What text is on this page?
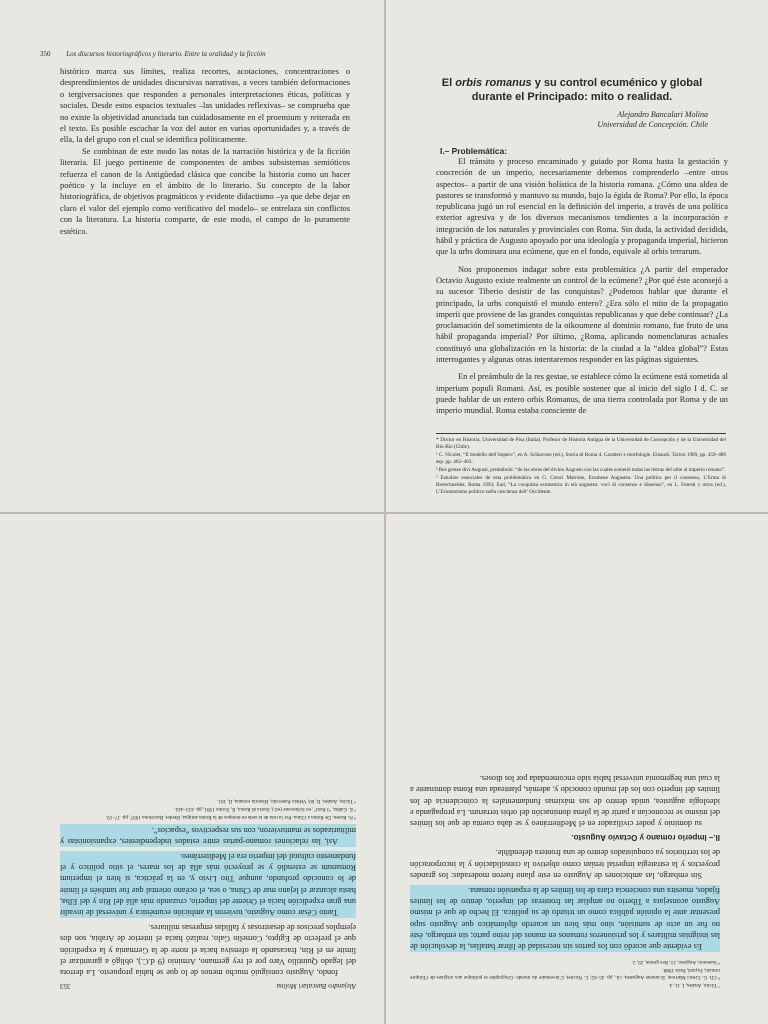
350 Los discursos historiográficos y literario. Entre la oralidad y la ficción

histórico marca sus límites, realiza recortes, acotaciones, concentraciones o desprendimientos de unidades discursivas narrativas, a veces también deformaciones o tergiversaciones que responden a personales interpretaciones éticas, políticas y sociales. Desde estos espacios textuales –las unidades reflexivas– se comprueba que no existe la objetividad anunciada tan cuidadosamente en el proemium y reiterada en el texto. Es posible escuchar la voz del autor en varias oportunidades y, a través de ella, la del grupo con el cual se identifica políticamente.

Se combinan de este modo las notas de la narración histórica y de la ficción literaria. El juego pertinente de componentes de ambos subsistemas semióticos refuerza el canon de la Antigüedad clásica que concibe la historia como un hacer poético y la incluye en el ámbito de lo literario. Su concepto de la labor historiográfica, de objetivos pragmáticos y evidente didactismo –ya que debe dejar en claro el valor del ejemplo como verificativo del modelo– se entrelaza sin conflictos con la literatura. La historia comparte, de este modo, el campo de lo puramente estético.

El orbis romanus y su control ecuménico y global durante el Principado: mito o realidad.
Alejandro Bancalari Molina
Universidad de Concepción. Chile
I.– Problemática:

El tránsito y proceso encaminado y guiado por Roma hasta la gestación y concreción de un imperio, necesariamente debemos comprenderlo –entre otros aspectos– a partir de una visión holística de la historia romana. ¿Cómo una aldea de pastores se transformó y mantuvo su mundo, bajo la égida de Roma? Por ello, la época republicana jugó un rol esencial en la definición del imperio, a través de una política exterior agresiva y de los diversos mecanismos tendientes a la incorporación e integración de los naturales y provinciales con Roma. Sin duda, la actividad decidida, hábil y práctica de Augusto apoyado por una ideología y propaganda imperial, hicieron que la urbs dominara una ecúmene, que en el fondo, equivale al orbis terrarum.

Nos proponemos indagar sobre esta problemática ¿A partir del emperador Octavio Augusto existe realmente un control de la ecúmene? ¿Por qué éste aconsejó a su sucesor Tiberio desistir de las conquistas? ¿Podemos hablar que durante el principado, la urbs conquistó el mundo entero? ¿Era sólo el mito de la propagatio imperii que proviene de las grandes conquistas republicanas y que debe continuar? ¿La proclamación del sometimiento de la oikoumene al dominio romano, fue fruto de una hábil propaganda imperial? Por último, ¿Roma, aplicando nomenclaturas actuales constituyó una globalización en la historia: de la ciudad a la “aldea global”? Estas interrogantes y algunas otras intentaremos responder en las páginas siguientes.

En el preámbulo de la res gestae, se establece cómo la ecúmene está sometida al imperium populi Romani. Así, es posible sostener que al inicio del siglo I d. C. se puede hablar de un entero orbis Romanus, de una tierra controlada por Roma y de un imperio mundial. Roma estaba consciente de

* Doctor en Historia, Universidad de Pisa (Italia). Profesor de Historia Antigua de la Universidad de Concepción y de la Universidad del Bío-Bío (Chile).

¹ C. Nicolet, “Il modello dell’impero”, en A. Schiavone (ed.), Storia di Roma 4. Caratteri e morfologie, Einaudi, Torino 1989, pp. 459–486 esp. pp. 462–463.

² Res gestae divi Augusti, preámbulo: “de las obras del divino Augusto con las cuales sometió todas las tierras del orbe al imperio romano”.

³ Estudios esenciales de esta problemática en G. Cresci Marrone, Ecumene Augustea. Una politica per il consenso, L’Erma di Bretschneider, Roma 1993; Ead, “La conquista ecumenica in età augustea: voci di consenso e dissenso”, en L. Foresti y otros (ed.), L’Ecumenismo politico nella coscienza dell’ Occidente.

Alejandro Bancalari Molina
353

fondo, Augusto consiguió mucho menos de lo que se había propuesto. La derrota del legado Quintilio Varo por el rey germano, Arminio (9 d.C.), obligó a garantizar el límite en el Rin, fracasando la ofensiva hacia el norte de la Germania y la expedición que el prefecto de Egipto, Cornelio Galo, realizó hacia el interior de Arabia, son dos ejemplos precisos de desastrosas y fallidas empresas militares.

Tanto César como Augusto, tuvieron la ambición ecuménica y universal de invadir una gran expedición hacia el Oriente del imperio, cruzando más allá del Rin y del Elba, hasta alcanzar el lejano mar de China, o sea, el océano oriental que fue también el límite de lo conocido profundo, aunque Tito Livio y, en la práctica, si bien el imperium Romanum se extendió y se proyectó más allá de los mares, el sitio político y el fundamento cultural del imperio era el Mediterráneo.

Así, las relaciones romano-partas entre estados independientes, expansionistas y militarizados se mantuvieron, con sus respectivos “espacios”.

⁴ N. Rosen, De Roma a China. Por la ruta de la seda en tiempos de la Roma antigua, Herder, Barcelona 1997, pp. 17–19.

⁵ E. Gabba, “I Parti”, en Schiavone (ed.), Storia di Roma, II, Torino 1991, pp. 433–443.

⁶ Tácito, Anales, II, 60; Velleio Paterculo, Historia romana, II, 101.

⁷ Tácito, Anales, I, 11, 4.

⁸ Cfr. G. Cresci Marrone, Ecumene Augustea, cit., pp. 45–62; C. Nicolet, L’inventaire du monde. Géographie et politique aux origines de l’Empire romain, Fayard, Paris 1988.

⁹ Suetonio, Augusto, 21; Res gestae, 29, 2.

Es evidente que acordó con los partos sin necesidad de librar batallas, la devolución de las insignias militares y los prisioneros romanos en manos del reino parto; sin embargo, éste no fue un acto de sumisión, sino más bien un acuerdo diplomático que Augusto supo presentar ante la opinión pública como un triunfo de su política. El hecho de que el mismo Augusto aconsejara a Tiberio no ampliar las fronteras del imperio, dentro de los límites fijados, muestra una conciencia clara de los límites de la expansión romana.

Sin embargo, las ambiciones de Augusto en este plano fueron moderadas: los grandes proyectos y la estrategia imperial tenían como objetivo la consolidación y la incorporación de los territorios ya conquistados dentro de una frontera defendible.

II.– Imperio romano y Octavio Augusto.

su dominio y poder civilizador en el Mediterráneo y se daba cuenta de que los límites del mismo se reconocían a partir de la plena dominación del orbis terrarum. La propaganda e ideología augustea, unida dentro de sus máximas fundamentales la coincidencia de los límites del imperio con los del mundo conocido y, además, planteada una Roma dominante a la cual una hegemonía universal había sido encomendada por los dioses.
